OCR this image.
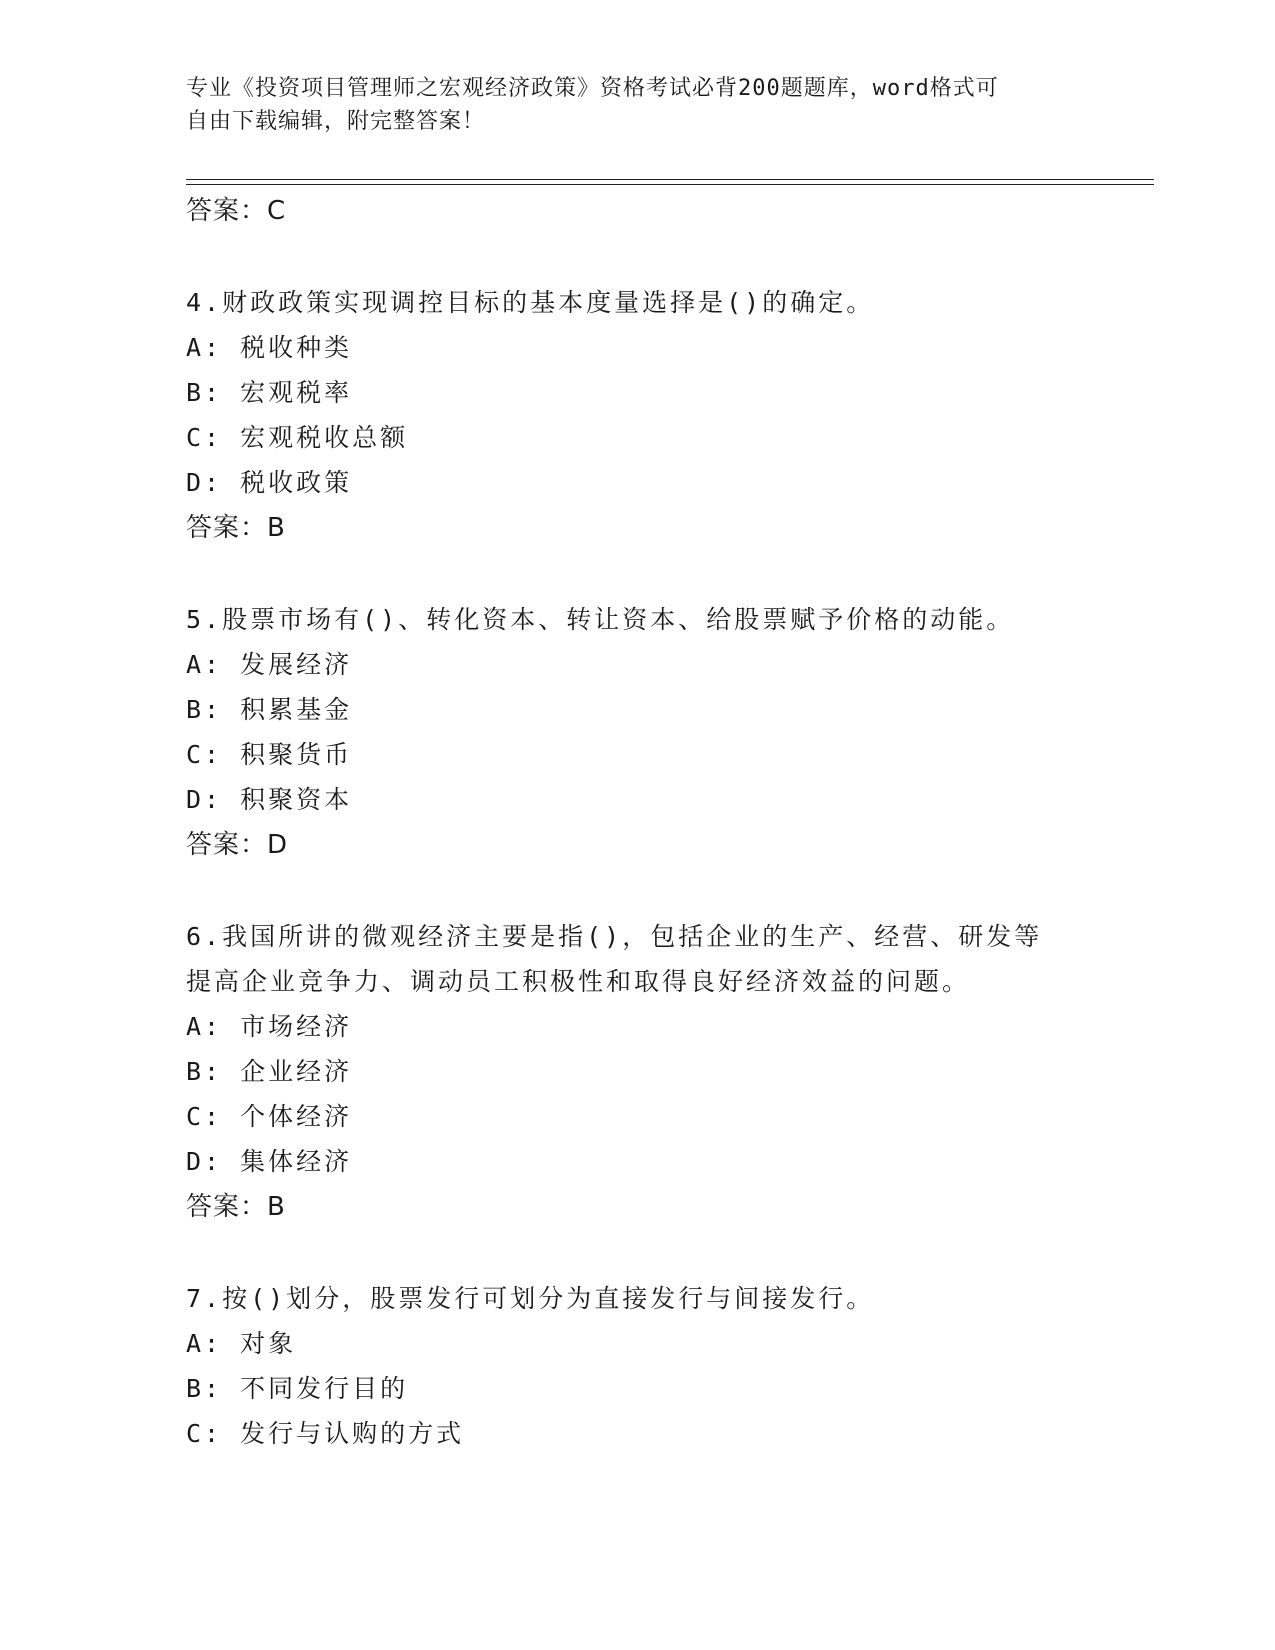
专业《投资项目管理师之宏观经济政策》资格考试必背200题题库，word格式可
自由下载编辑，附完整答案！
答案：C
4.财政政策实现调控目标的基本度量选择是()的确定。
A: 税收种类
B: 宏观税率
C: 宏观税收总额
D: 税收政策
答案：B
5.股票市场有()、转化资本、转让资本、给股票赋予价格的动能。
A: 发展经济
B: 积累基金
C: 积聚货币
D: 积聚资本
答案：D
6.我国所讲的微观经济主要是指()，包括企业的生产、经营、研发等
提高企业竞争力、调动员工积极性和取得良好经济效益的问题。
A: 市场经济
B: 企业经济
C: 个体经济
D: 集体经济
答案：B
7.按()划分，股票发行可划分为直接发行与间接发行。
A: 对象
B: 不同发行目的
C: 发行与认购的方式
